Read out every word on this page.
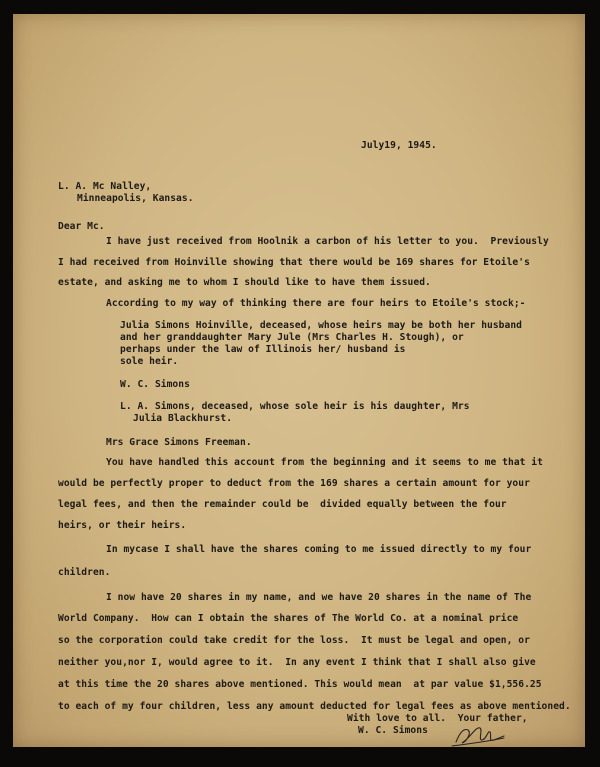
July19, 1945.
L. A. Mc Nalley,
Minneapolis, Kansas.
Dear Mc.
I have just received from Hoolnik a carbon of his letter to you.  Previously
I had received from Hoinville showing that there would be 169 shares for Etoile's
estate, and asking me to whom I should like to have them issued.
According to my way of thinking there are four heirs to Etoile's stock;-
Julia Simons Hoinville, deceased, whose heirs may be both her husband
and her granddaughter Mary Jule (Mrs Charles H. Stough), or
perhaps under the law of Illinois her/ husband is
sole heir.
W. C. Simons
L. A. Simons, deceased, whose sole heir is his daughter, Mrs
Julia Blackhurst.
Mrs Grace Simons Freeman.
You have handled this account from the beginning and it seems to me that it
would be perfectly proper to deduct from the 169 shares a certain amount for your
legal fees, and then the remainder could be  divided equally between the four
heirs, or their heirs.
In mycase I shall have the shares coming to me issued directly to my four
children.
I now have 20 shares in my name, and we have 20 shares in the name of The
World Company.  How can I obtain the shares of The World Co. at a nominal price
so the corporation could take credit for the loss.  It must be legal and open, or
neither you,nor I, would agree to it.  In any event I think that I shall also give
at this time the 20 shares above mentioned. This would mean  at par value $1,556.25
to each of my four children, less any amount deducted for legal fees as above mentioned.
With love to all.  Your father,
W. C. Simons
